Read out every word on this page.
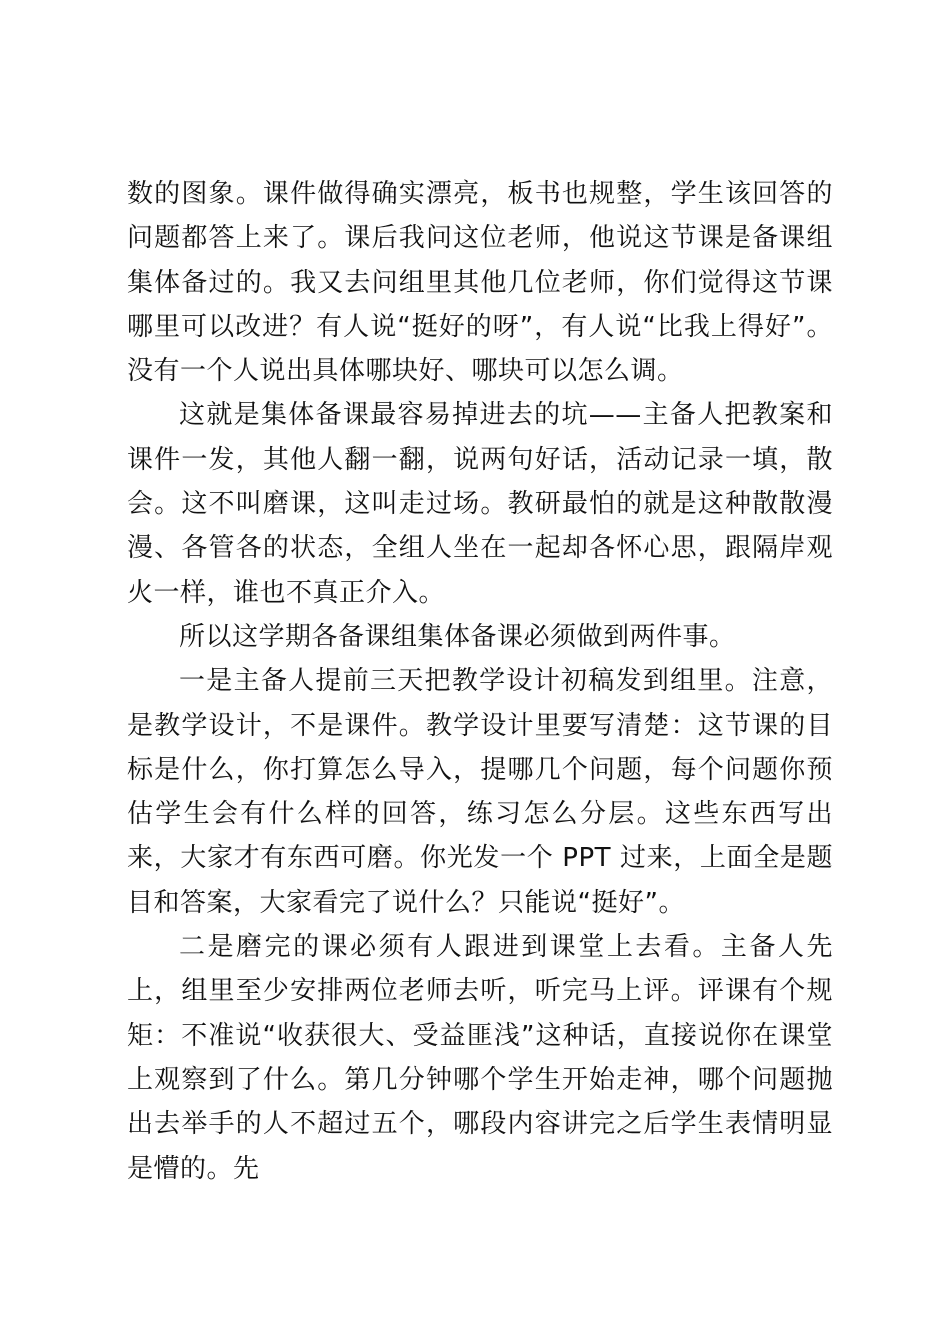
数的图象。课件做得确实漂亮，板书也规整，学生该回答的问题都答上来了。课后我问这位老师，他说这节课是备课组集体备过的。我又去问组里其他几位老师，你们觉得这节课哪里可以改进？有人说“挺好的呀”，有人说“比我上得好”。没有一个人说出具体哪块好、哪块可以怎么调。

这就是集体备课最容易掉进去的坑——主备人把教案和课件一发，其他人翻一翻，说两句好话，活动记录一填，散会。这不叫磨课，这叫走过场。教研最怕的就是这种散散漫漫、各管各的状态，全组人坐在一起却各怀心思，跟隔岸观火一样，谁也不真正介入。

所以这学期各备课组集体备课必须做到两件事。

一是主备人提前三天把教学设计初稿发到组里。注意，是教学设计，不是课件。教学设计里要写清楚：这节课的目标是什么，你打算怎么导入，提哪几个问题，每个问题你预估学生会有什么样的回答，练习怎么分层。这些东西写出来，大家才有东西可磨。你光发一个 PPT 过来，上面全是题目和答案，大家看完了说什么？只能说“挺好”。

二是磨完的课必须有人跟进到课堂上去看。主备人先上，组里至少安排两位老师去听，听完马上评。评课有个规矩：不准说“收获很大、受益匪浅”这种话，直接说你在课堂上观察到了什么。第几分钟哪个学生开始走神，哪个问题抛出去举手的人不超过五个，哪段内容讲完之后学生表情明显是懵的。先
